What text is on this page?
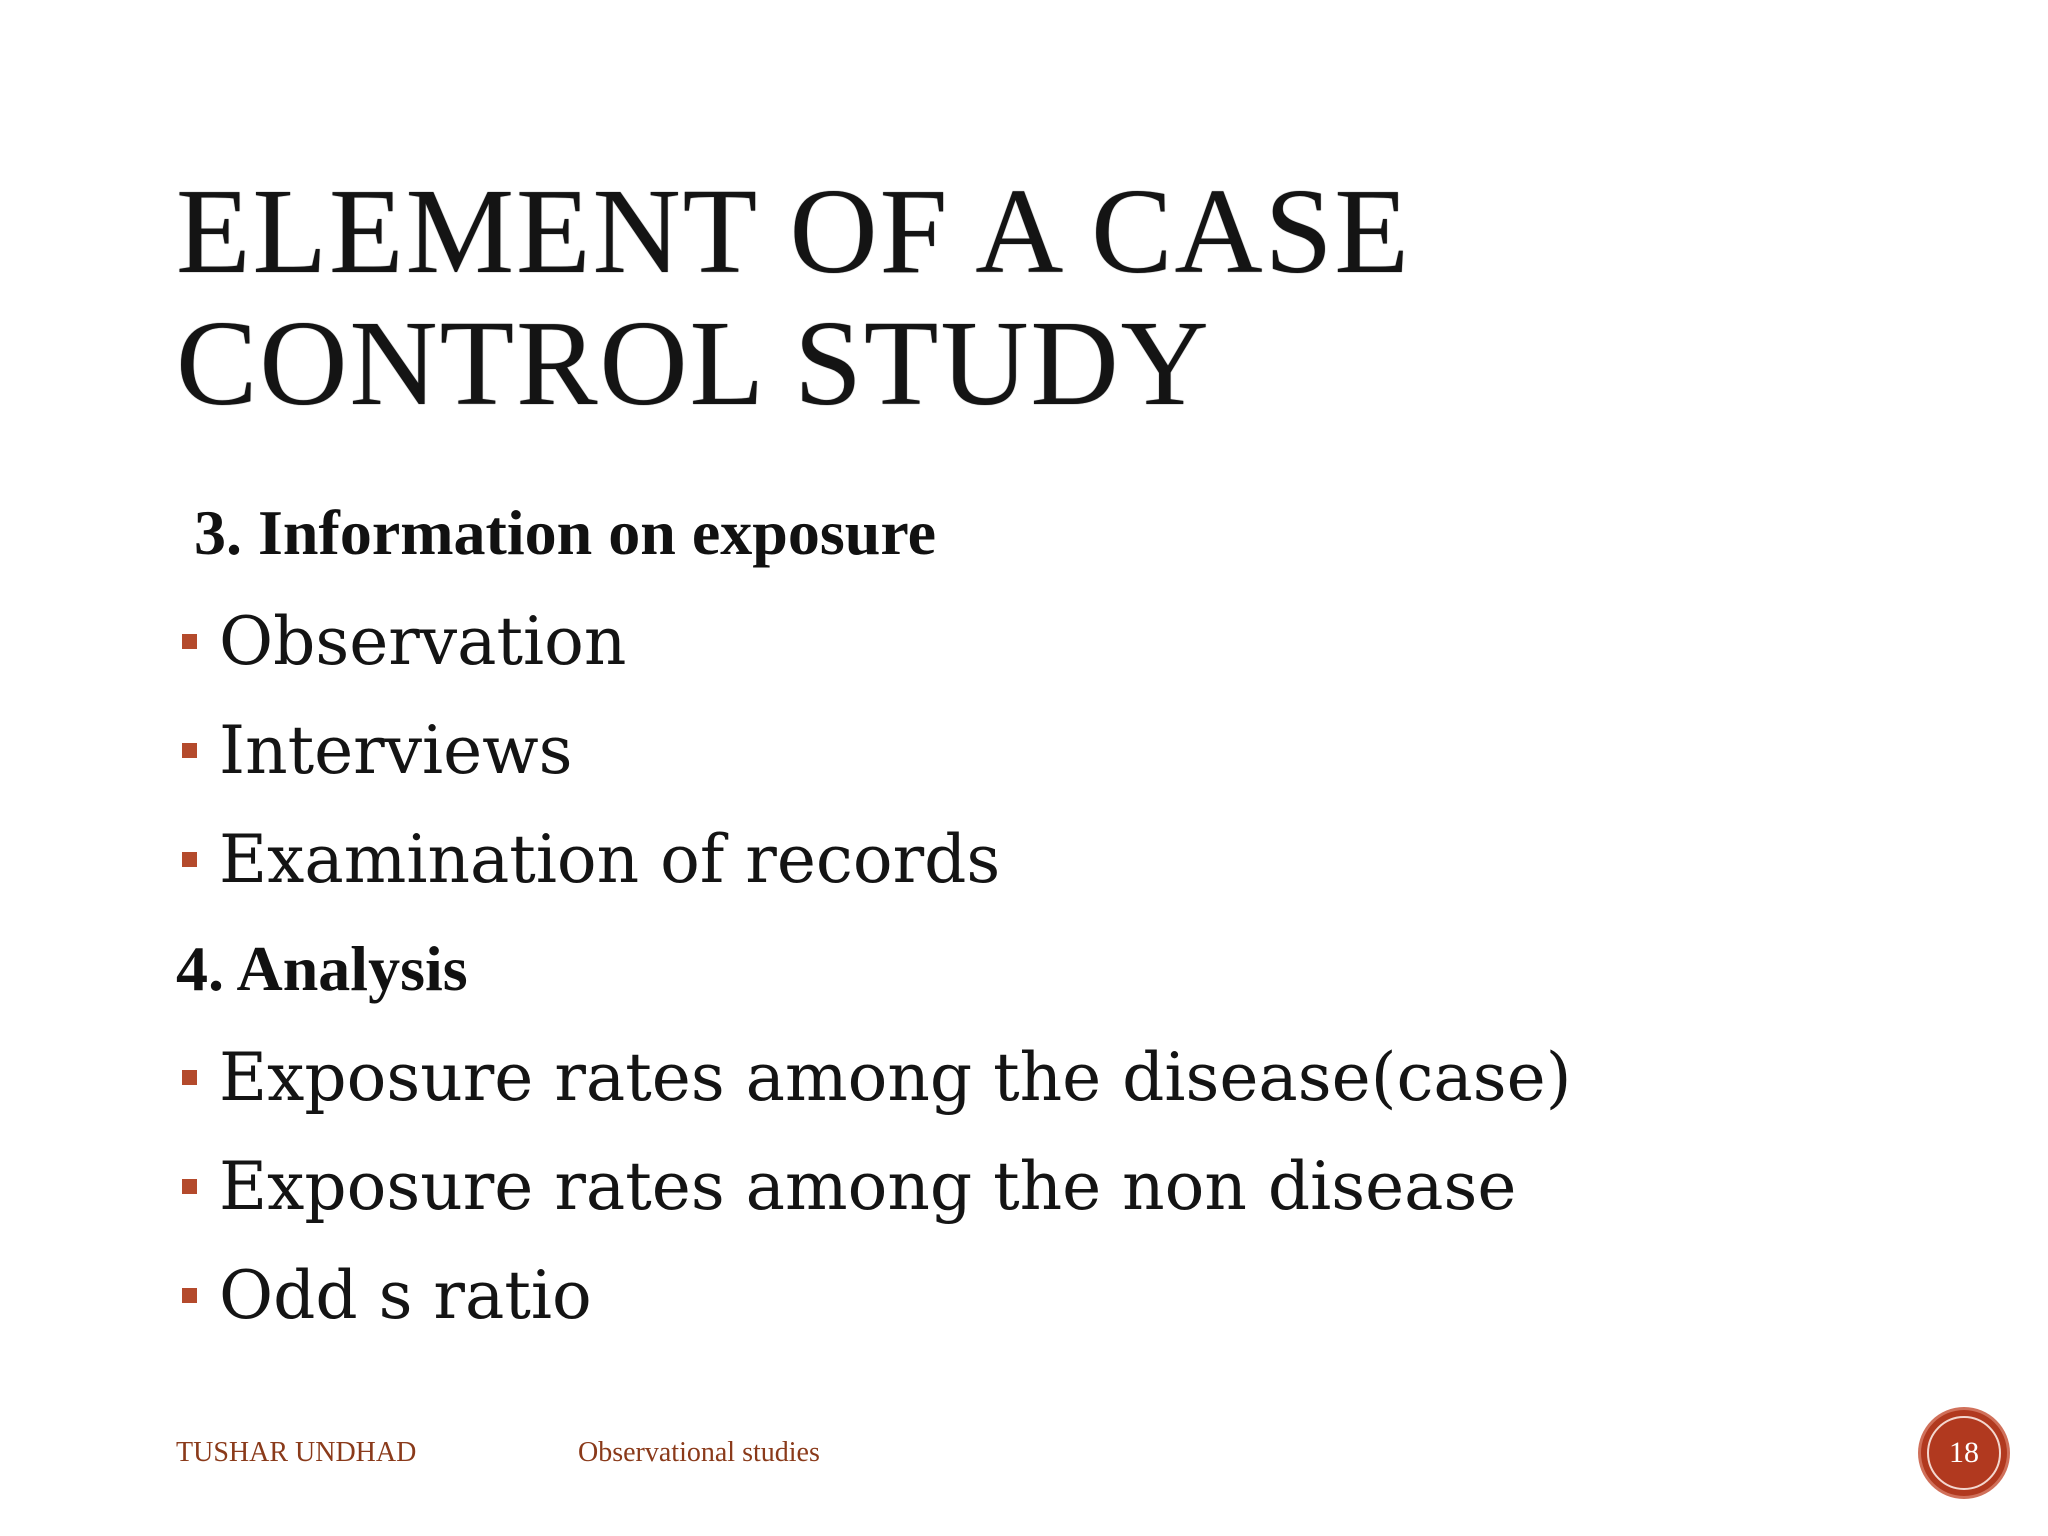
ELEMENT OF A CASE
CONTROL STUDY
3. Information on exposure
Observation
Interviews
Examination of records
4. Analysis
Exposure rates among the disease(case)
Exposure rates among the non disease
Odd s ratio
TUSHAR UNDHAD	Observational studies	18
